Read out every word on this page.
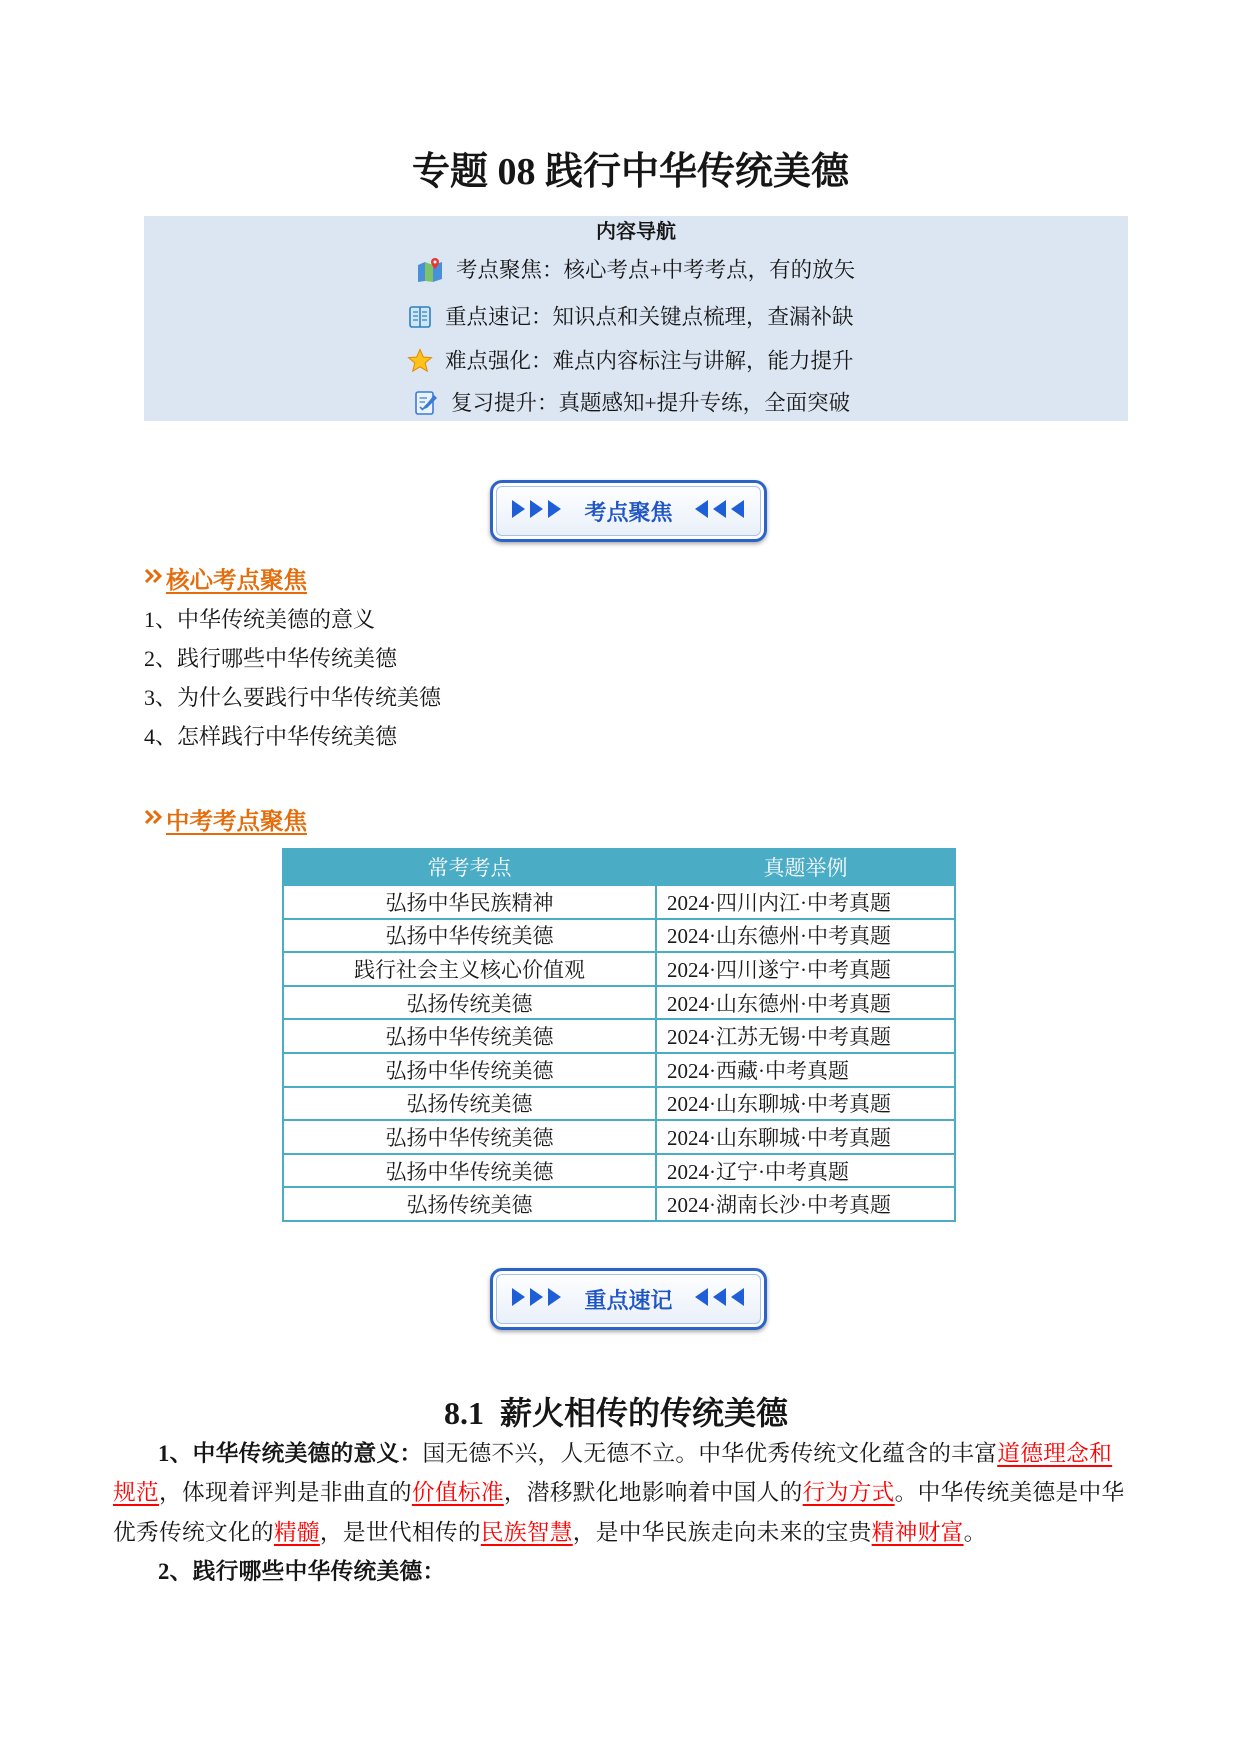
专题 08 践行中华传统美德
内容导航
考点聚焦：核心考点+中考考点，有的放矢
重点速记：知识点和关键点梳理，查漏补缺
难点强化：难点内容标注与讲解，能力提升
复习提升：真题感知+提升专练，全面突破
考点聚焦
核心考点聚焦
1、中华传统美德的意义
2、践行哪些中华传统美德
3、为什么要践行中华传统美德
4、怎样践行中华传统美德
中考考点聚焦
常考考点	真题举例
弘扬中华民族精神	2024·四川内江·中考真题
弘扬中华传统美德	2024·山东德州·中考真题
践行社会主义核心价值观	2024·四川遂宁·中考真题
弘扬传统美德	2024·山东德州·中考真题
弘扬中华传统美德	2024·江苏无锡·中考真题
弘扬中华传统美德	2024·西藏·中考真题
弘扬传统美德	2024·山东聊城·中考真题
弘扬中华传统美德	2024·山东聊城·中考真题
弘扬中华传统美德	2024·辽宁·中考真题
弘扬传统美德	2024·湖南长沙·中考真题
重点速记
8.1  薪火相传的传统美德
1、中华传统美德的意义：国无德不兴，人无德不立。中华优秀传统文化蕴含的丰富道德理念和
规范，体现着评判是非曲直的价值标准，潜移默化地影响着中国人的行为方式。中华传统美德是中华
优秀传统文化的精髓，是世代相传的民族智慧，是中华民族走向未来的宝贵精神财富。
2、践行哪些中华传统美德：
